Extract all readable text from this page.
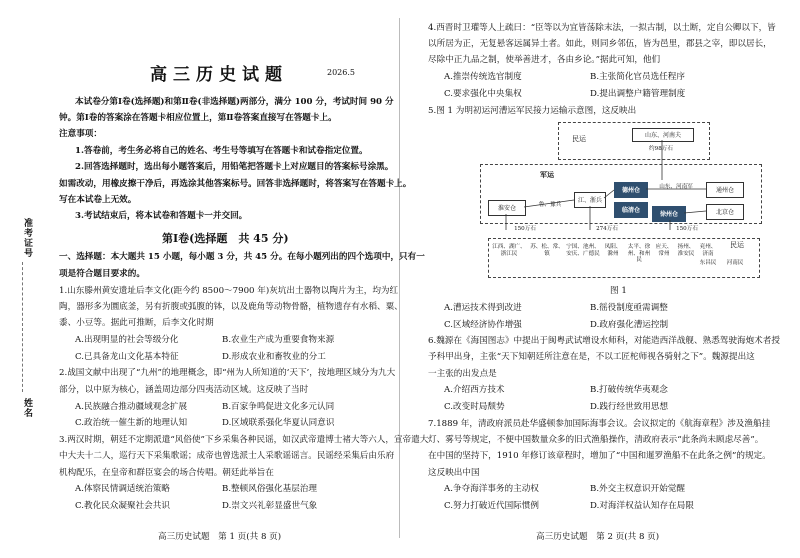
准考证号
姓名
高三历史试题	2026.5
本试卷分第Ⅰ卷(选择题)和第Ⅱ卷(非选择题)两部分，满分 100 分，考试时间 90 分
钟。第Ⅰ卷的答案涂在答题卡相应位置上，第Ⅱ卷答案直接写在答题卡上。
注意事项：
1.答卷前，考生务必将自己的姓名、考生号等填写在答题卡和试卷指定位置。
2.回答选择题时，选出每小题答案后，用铅笔把答题卡上对应题目的答案标号涂黑。
如需改动，用橡皮擦干净后，再选涂其他答案标号。回答非选择题时，将答案写在答题卡上。
写在本试卷上无效。
3.考试结束后，将本试卷和答题卡一并交回。
第Ⅰ卷(选择题　共 45 分)
一、选择题：本大题共 15 小题，每小题 3 分，共 45 分。在每小题列出的四个选项中，只有一
项是符合题目要求的。
1.山东滕州黄安遗址后李文化(距今约 8500～7900 年)灰坑出土器物以陶片为主，均为红
陶，器形多为圜底釜，另有折腹或弧腹的钵，以及鹿角等动物骨骼，植物遗存有水稻、粟、
黍、小豆等。据此可推断，后李文化时期
A.出现明显的社会等级分化	B.农业生产成为重要食物来源
C.已具备龙山文化基本特征	D.形成农业和畜牧业的分工
2.战国文献中出现了“九州”的地理概念，即“州为人所知道的‘天下’，按地理区域分为九大
部分，以中原为核心，涵盖周边部分四夷活动区域。这反映了当时
A.民族融合推动疆域观念扩展	B.百家争鸣促进文化多元认同
C.政治统一催生新的地理认知	D.区域联系强化华夏认同意识
3.两汉时期，朝廷不定期派遣“风俗使”下乡采集各种民谣，如汉武帝遣博士褚大等六人，宣帝遣大
中大夫十二人，巡行天下采集歌谣；成帝也曾选派士人采歌谣谣言。民谣经采集后由乐府
机构配乐，在皇帝和群臣宴会的场合传唱。朝廷此举旨在
A.体察民情调适统治策略	B.整顿风俗强化基层治理
C.教化民众凝聚社会共识	D.崇文兴礼彰显盛世气象
高三历史试题　第 1 页(共 8 页)
4.西晋时卫瓘等人上疏曰：“臣等以为宜皆荡除末法，一拟古制，以土断，定自公卿以下，皆
以所居为正，无复悬客远属异土者。如此，则同乡邻伍，皆为邑里，郡县之宰，即以居长，
尽除中正九品之制，使举善进才，各由乡论。”据此可知，他们
A.推崇传统选官制度	B.主张简化官员选任程序
C.要求强化中央集权	D.提出调整户籍管理制度
5.图 1 为明初运河漕运军民接力运输示意图，这反映出
民运	山东、河南夫
约98万石
军运
淮安仓	鲁、豫兵
江、浙兵
德州仓	山东、河南军	通州仓
临清仓
徐州仓	北京仓
150万石	274万石	150万石
民运
江西、湖广、浙江民
苏、松、常、镇
宁国、池州、安庆、广德民
凤阳、滁州
太平、徐州、和州民
应天、常州
扬州、淮安民
兖州、济南
东昌民	河南民
图 1
A.漕运技术得到改进	B.徭役制度亟需调整
C.区域经济协作增强	D.政府强化漕运控制
6.魏源在《海国图志》中提出于闽粤武试增设水师科，对能造西洋战舰、熟悉驾驶海炮术者授
予科甲出身，主张“天下知朝廷所注意在是，不以工匠柁师视各骑射之下”。魏源提出这
一主张的出发点是
A.介绍西方技术	B.打破传统华夷观念
C.改变时局颓势	D.践行经世致用思想
7.1889 年，清政府派员赴华盛顿参加国际海事会议。会议拟定的《航海章程》涉及渔船挂
灯、雾号等规定，不便中国数量众多的旧式渔船操作，清政府表示“此条尚未顾虑尽善”。
在中国的坚持下，1910 年修订该章程时，增加了“中国和暹罗渔船不在此条之例”的规定。
这反映出中国
A.争夺海洋事务的主动权	B.外交主权意识开始觉醒
C.努力打破近代国际惯例	D.对海洋权益认知存在局限
高三历史试题　第 2 页(共 8 页)
